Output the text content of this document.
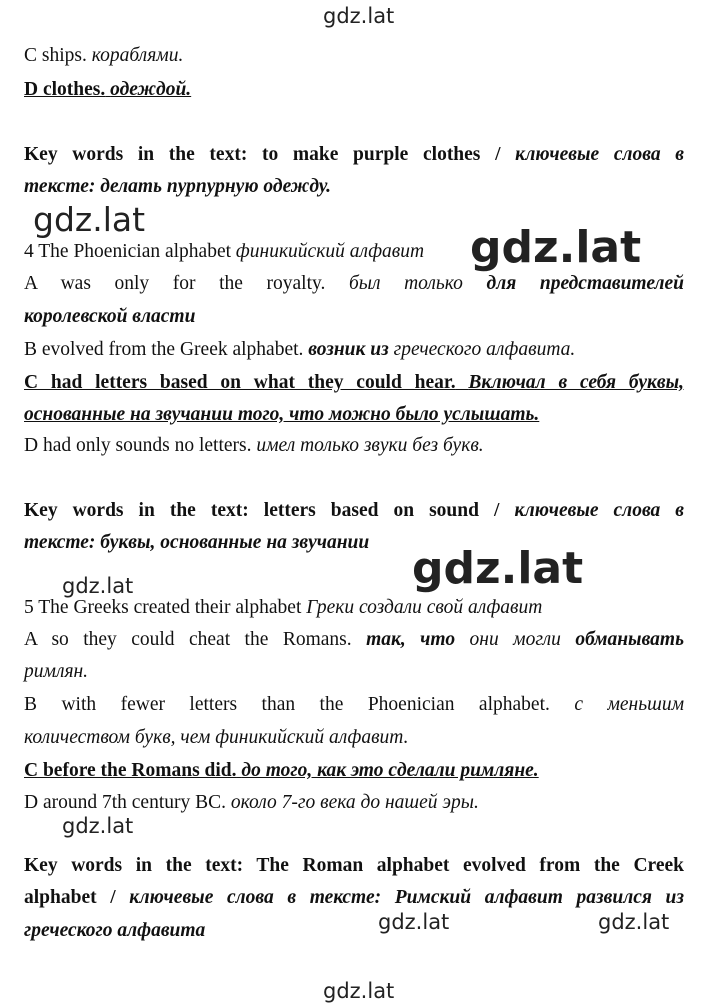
gdz.lat
gdz.lat
gdz.lat
gdz.lat	gdz.lat
gdz.lat
gdz.lat	gdz.lat
gdz.lat
C ships. кораблями.
D clothes. одеждой.
Key words in the text: to make purple clothes / ключевые слова в
тексте: делать пурпурную одежду.
4 The Phoenician alphabet финикийский алфавит
A was only for the royalty. был только для представителей
королевской власти
B evolved from the Greek alphabet. возник из греческого алфавита.
C had letters based on what they could hear. Включал в себя буквы,
основанные на звучании того, что можно было услышать.
D had only sounds no letters. имел только звуки без букв.
Key words in the text: letters based on sound / ключевые слова в
тексте: буквы, основанные на звучании
5 The Greeks created their alphabet Греки создали свой алфавит
A so they could cheat the Romans. так, что они могли обманывать
римлян.
B with fewer letters than the Phoenician alphabet. с меньшим
количеством букв, чем финикийский алфавит.
C before the Romans did. до того, как это сделали римляне.
D around 7th century BC. около 7-го века до нашей эры.
Key words in the text: The Roman alphabet evolved from the Creek
alphabet / ключевые слова в тексте: Римский алфавит развился из
греческого алфавита
